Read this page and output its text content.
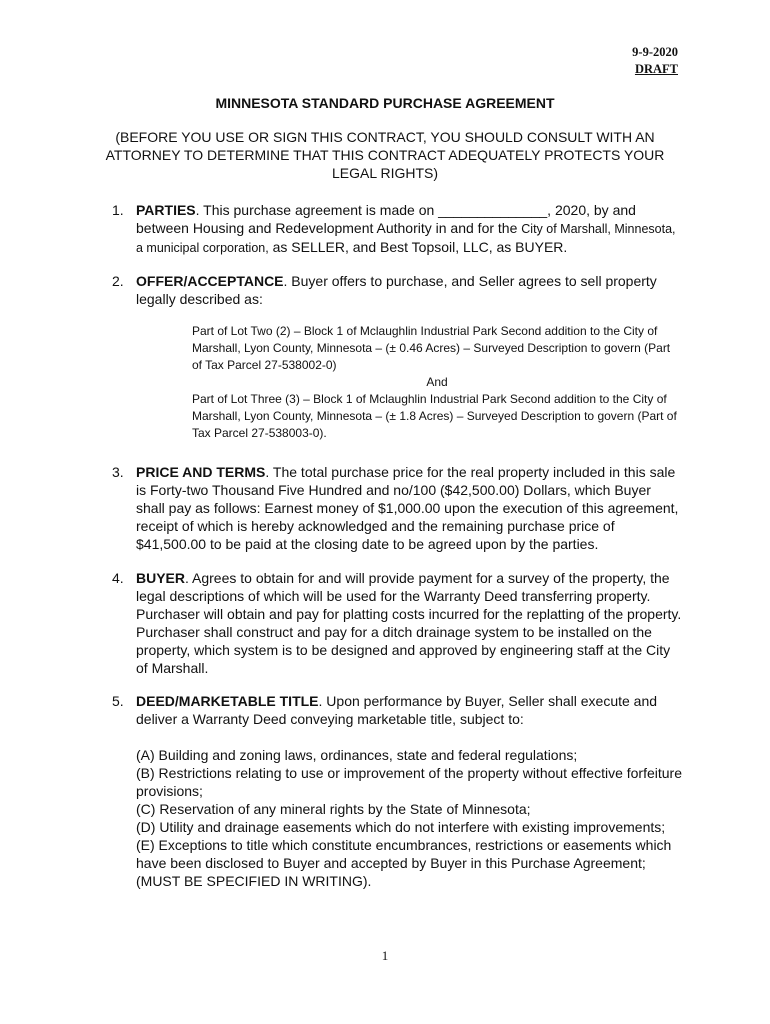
9-9-2020
DRAFT
MINNESOTA STANDARD PURCHASE AGREEMENT
(BEFORE YOU USE OR SIGN THIS CONTRACT, YOU SHOULD CONSULT WITH AN ATTORNEY TO DETERMINE THAT THIS CONTRACT ADEQUATELY PROTECTS YOUR LEGAL RIGHTS)
1. PARTIES. This purchase agreement is made on ______________, 2020, by and between Housing and Redevelopment Authority in and for the City of Marshall, Minnesota, a municipal corporation, as SELLER, and Best Topsoil, LLC, as BUYER.
2. OFFER/ACCEPTANCE. Buyer offers to purchase, and Seller agrees to sell property legally described as:
Part of Lot Two (2) – Block 1 of Mclaughlin Industrial Park Second addition to the City of Marshall, Lyon County, Minnesota – (± 0.46 Acres) – Surveyed Description to govern (Part of Tax Parcel 27-538002-0)
And
Part of Lot Three (3) – Block 1 of Mclaughlin Industrial Park Second addition to the City of Marshall, Lyon County, Minnesota – (± 1.8 Acres) – Surveyed Description to govern (Part of Tax Parcel 27-538003-0).
3. PRICE AND TERMS. The total purchase price for the real property included in this sale is Forty-two Thousand Five Hundred and no/100 ($42,500.00) Dollars, which Buyer shall pay as follows: Earnest money of $1,000.00 upon the execution of this agreement, receipt of which is hereby acknowledged and the remaining purchase price of $41,500.00 to be paid at the closing date to be agreed upon by the parties.
4. BUYER. Agrees to obtain for and will provide payment for a survey of the property, the legal descriptions of which will be used for the Warranty Deed transferring property. Purchaser will obtain and pay for platting costs incurred for the replatting of the property. Purchaser shall construct and pay for a ditch drainage system to be installed on the property, which system is to be designed and approved by engineering staff at the City of Marshall.
5. DEED/MARKETABLE TITLE. Upon performance by Buyer, Seller shall execute and deliver a Warranty Deed conveying marketable title, subject to:
(A) Building and zoning laws, ordinances, state and federal regulations;
(B) Restrictions relating to use or improvement of the property without effective forfeiture provisions;
(C) Reservation of any mineral rights by the State of Minnesota;
(D) Utility and drainage easements which do not interfere with existing improvements;
(E) Exceptions to title which constitute encumbrances, restrictions or easements which have been disclosed to Buyer and accepted by Buyer in this Purchase Agreement; (MUST BE SPECIFIED IN WRITING).
1
